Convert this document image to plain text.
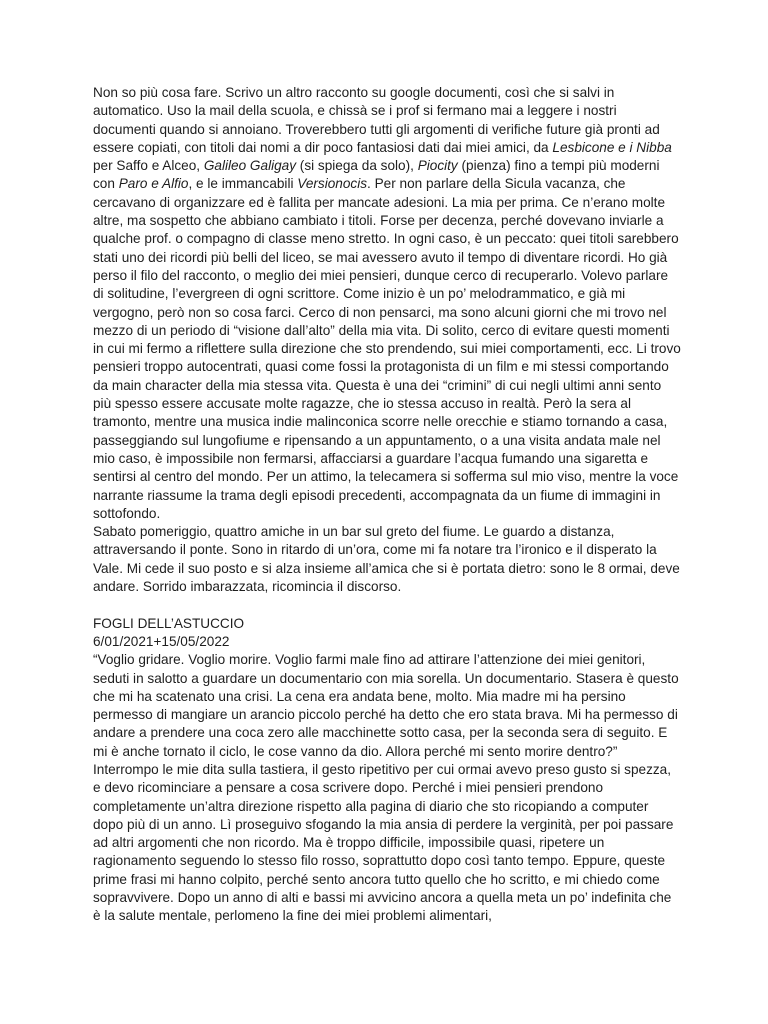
Non so più cosa fare. Scrivo un altro racconto su google documenti, così che si salvi in automatico. Uso la mail della scuola, e chissà se i prof si fermano mai a leggere i nostri documenti quando si annoiano. Troverebbero tutti gli argomenti di verifiche future già pronti ad essere copiati, con titoli dai nomi a dir poco fantasiosi dati dai miei amici, da Lesbicone e i Nibba per Saffo e Alceo, Galileo Galigay (si spiega da solo), Piocity (pienza) fino a tempi più moderni con Paro e Alfio, e le immancabili Versionocis. Per non parlare della Sicula vacanza, che cercavano di organizzare ed è fallita per mancate adesioni. La mia per prima. Ce n’erano molte altre, ma sospetto che abbiano cambiato i titoli. Forse per decenza, perché dovevano inviarle a qualche prof. o compagno di classe meno stretto. In ogni caso, è un peccato: quei titoli sarebbero stati uno dei ricordi più belli del liceo, se mai avessero avuto il tempo di diventare ricordi. Ho già perso il filo del racconto, o meglio dei miei pensieri, dunque cerco di recuperarlo. Volevo parlare di solitudine, l’evergreen di ogni scrittore. Come inizio è un po’ melodrammatico, e già mi vergogno, però non so cosa farci. Cerco di non pensarci, ma sono alcuni giorni che mi trovo nel mezzo di un periodo di “visione dall’alto” della mia vita. Di solito, cerco di evitare questi momenti in cui mi fermo a riflettere sulla direzione che sto prendendo, sui miei comportamenti, ecc. Li trovo pensieri troppo autocentrati, quasi come fossi la protagonista di un film e mi stessi comportando da main character della mia stessa vita. Questa è una dei “crimini” di cui negli ultimi anni sento più spesso essere accusate molte ragazze, che io stessa accuso in realtà. Però la sera al tramonto, mentre una musica indie malinconica scorre nelle orecchie e stiamo tornando a casa, passeggiando sul lungofiume e ripensando a un appuntamento, o a una visita andata male nel mio caso, è impossibile non fermarsi, affacciarsi a guardare l’acqua fumando una sigaretta e sentirsi al centro del mondo. Per un attimo, la telecamera si sofferma sul mio viso, mentre la voce narrante riassume la trama degli episodi precedenti, accompagnata da un fiume di immagini in sottofondo.

Sabato pomeriggio, quattro amiche in un bar sul greto del fiume. Le guardo a distanza, attraversando il ponte. Sono in ritardo di un’ora, come mi fa notare tra l’ironico e il disperato la Vale. Mi cede il suo posto e si alza insieme all’amica che si è portata dietro: sono le 8 ormai, deve andare. Sorrido imbarazzata, ricomincia il discorso.

FOGLI DELL’ASTUCCIO

6/01/2021+15/05/2022

“Voglio gridare. Voglio morire. Voglio farmi male fino ad attirare l’attenzione dei miei genitori, seduti in salotto a guardare un documentario con mia sorella. Un documentario. Stasera è questo che mi ha scatenato una crisi. La cena era andata bene, molto. Mia madre mi ha persino permesso di mangiare un arancio piccolo perché ha detto che ero stata brava. Mi ha permesso di andare a prendere una coca zero alle macchinette sotto casa, per la seconda sera di seguito. E mi è anche tornato il ciclo, le cose vanno da dio. Allora perché mi sento morire dentro?”

Interrompo le mie dita sulla tastiera, il gesto ripetitivo per cui ormai avevo preso gusto si spezza, e devo ricominciare a pensare a cosa scrivere dopo. Perché i miei pensieri prendono completamente un’altra direzione rispetto alla pagina di diario che sto ricopiando a computer dopo più di un anno. Lì proseguivo sfogando la mia ansia di perdere la verginità, per poi passare ad altri argomenti che non ricordo. Ma è troppo difficile, impossibile quasi, ripetere un ragionamento seguendo lo stesso filo rosso, soprattutto dopo così tanto tempo. Eppure, queste prime frasi mi hanno colpito, perché sento ancora tutto quello che ho scritto, e mi chiedo come sopravvivere. Dopo un anno di alti e bassi mi avvicino ancora a quella meta un po’ indefinita che è la salute mentale, perlomeno la fine dei miei problemi alimentari,
